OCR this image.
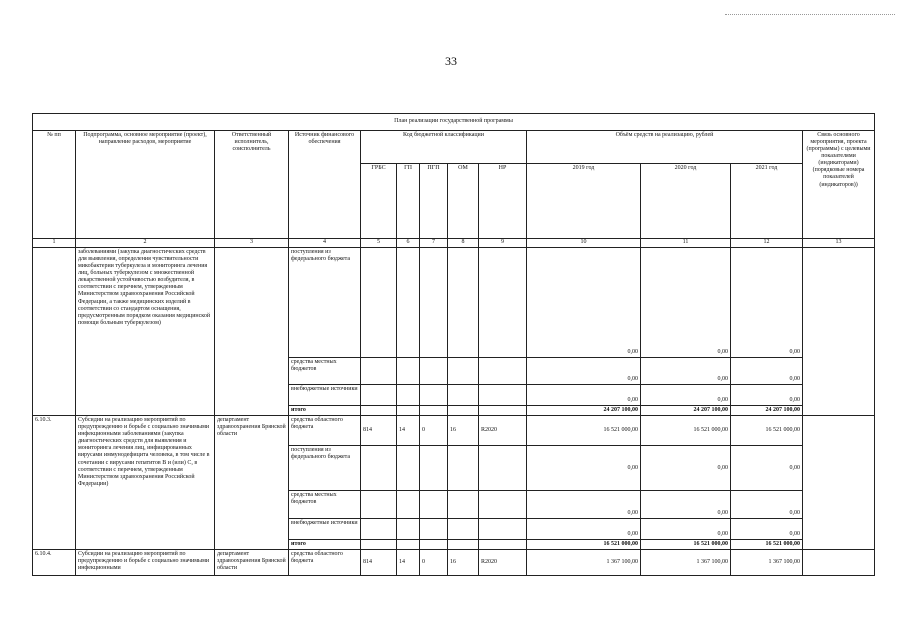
33
План реализации государственной программы												
№ пп	Подпрограмма, основное мероприятие (проект), направление расходов, мероприятие	Ответственный исполнитель, соисполнитель	Источник финансового обеспечения	Код бюджетной классификации					Объём средств на реализацию, рублей			Связь основного мероприятия, проекта (программы) с целевыми показателями (индикаторами) (порядковые номера показателей (индикаторов))
				ГРБС	ГП	ПГП	ОМ	НР	2019 год	2020 год	2021 год	
1	2	3	4	5	6	7	8	9	10	11	12	13
	заболеваниями (закупка диагностических средств для выявления, определения чувствительности микобактерии туберкулеза и мониторинга лечения лиц, больных туберкулезом с множественной лекарственной устойчивостью возбудителя, в соответствии с перечнем, утвержденным Министерством здравоохранения Российской Федерации, а также медицинских изделий в соответствии со стандартом оснащения, предусмотренным порядком оказания медицинской помощи больным туберкулезом)		поступления из федерального бюджета						0,00	0,00	0,00	
			средства местных бюджетов						0,00	0,00	0,00	
			внебюджетные источники						0,00	0,00	0,00	
			итого						24 207 100,00	24 207 100,00	24 207 100,00	
6.10.3.	Субсидии на реализацию мероприятий по предупреждению и борьбе с социально значимыми инфекционными заболеваниями (закупка диагностических средств для выявления и мониторинга лечения лиц, инфицированных вирусами иммунодефицита человека, в том числе в сочетании с вирусами гепатитов В и (или) С, в соответствии с перечнем, утвержденным Министерством здравоохранения Российской Федерации)	департамент здравоохранения Брянской области	средства областного бюджета	814	14	0	16	R2020	16 521 000,00	16 521 000,00	16 521 000,00	
			поступления из федерального бюджета						0,00	0,00	0,00	
			средства местных бюджетов						0,00	0,00	0,00	
			внебюджетные источники						0,00	0,00	0,00	
			итого						16 521 000,00	16 521 000,00	16 521 000,00	
6.10.4.	Субсидии на реализацию мероприятий по предупреждению и борьбе с социально значимыми инфекционными	департамент здравоохранения Брянской области	средства областного бюджета	814	14	0	16	R2020	1 367 100,00	1 367 100,00	1 367 100,00	
